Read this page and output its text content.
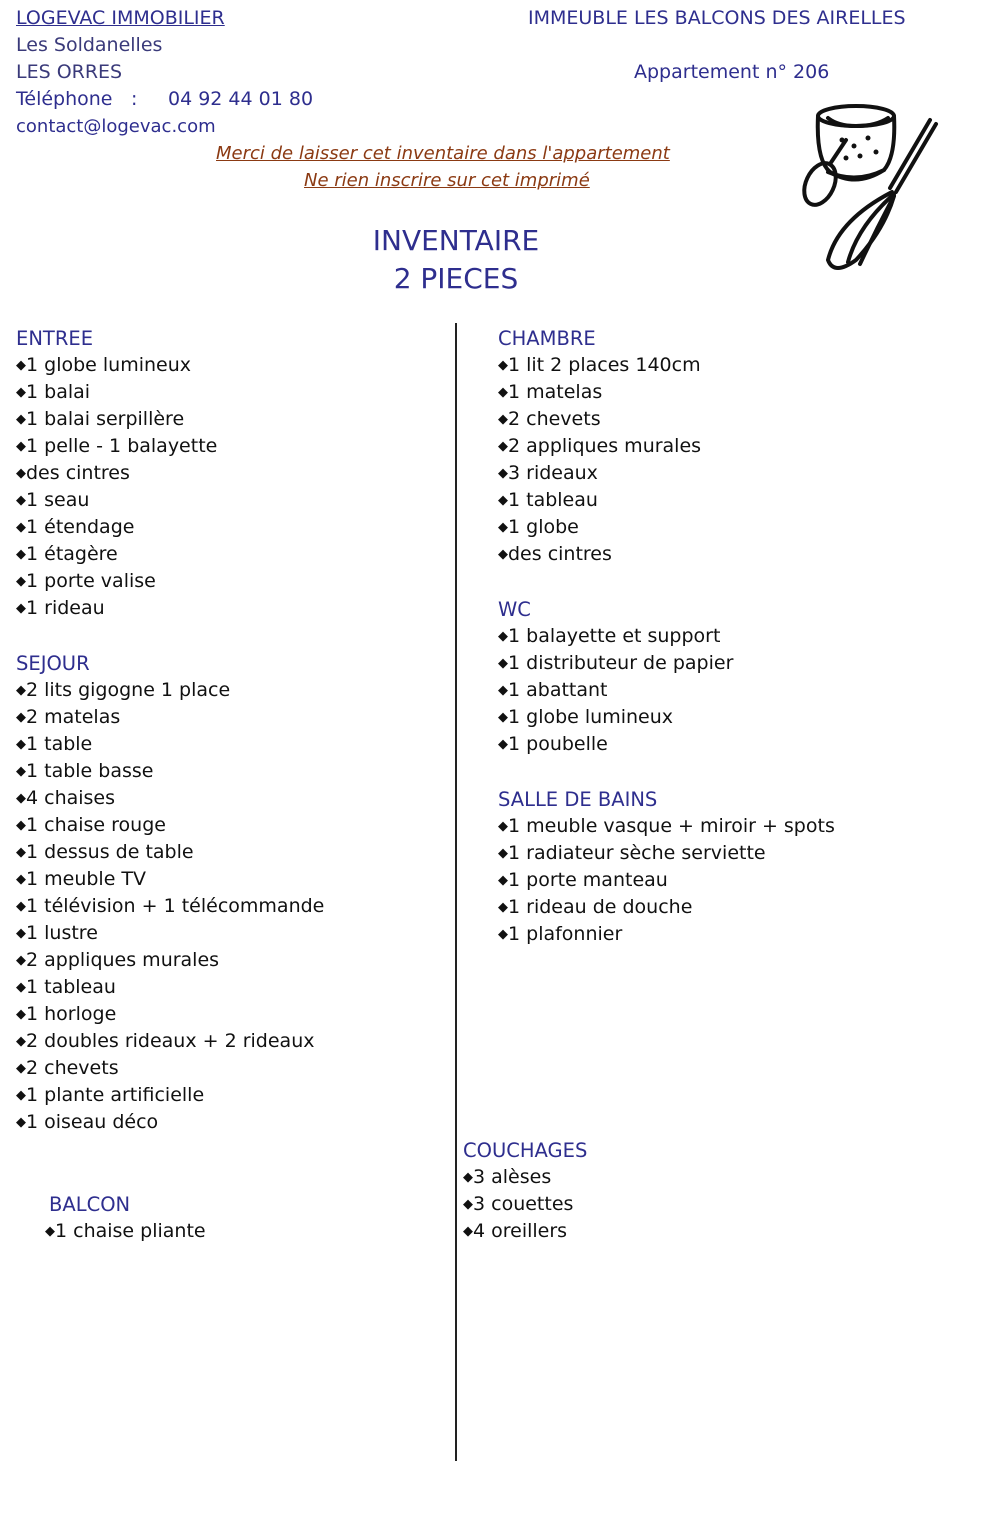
LOGEVAC IMMOBILIER
Les Soldanelles
LES ORRES
Téléphone : 04 92 44 01 80
contact@logevac.com
IMMEUBLE LES BALCONS DES AIRELLES
Appartement n° 206
Merci de laisser cet inventaire dans l'appartement
Ne rien inscrire sur cet imprimé
INVENTAIRE
2 PIECES
ENTREE
◆1 globe lumineux
◆1 balai
◆1 balai serpillère
◆1 pelle - 1 balayette
◆des cintres
◆1 seau
◆1 étendage
◆1 étagère
◆1 porte valise
◆1 rideau
SEJOUR
◆2 lits gigogne 1 place
◆2 matelas
◆1 table
◆1 table basse
◆4 chaises
◆1 chaise rouge
◆1 dessus de table
◆1 meuble TV
◆1 télévision + 1 télécommande
◆1 lustre
◆2 appliques murales
◆1 tableau
◆1 horloge
◆2 doubles rideaux + 2 rideaux
◆2 chevets
◆1 plante artificielle
◆1 oiseau déco
BALCON
◆1 chaise pliante
CHAMBRE
◆1 lit 2 places 140cm
◆1 matelas
◆2 chevets
◆2 appliques murales
◆3 rideaux
◆1 tableau
◆1 globe
◆des cintres
WC
◆1 balayette et support
◆1 distributeur de papier
◆1 abattant
◆1 globe lumineux
◆1 poubelle
SALLE DE BAINS
◆1 meuble vasque + miroir + spots
◆1 radiateur sèche serviette
◆1 porte manteau
◆1 rideau de douche
◆1 plafonnier
COUCHAGES
◆3 alèses
◆3 couettes
◆4 oreillers
